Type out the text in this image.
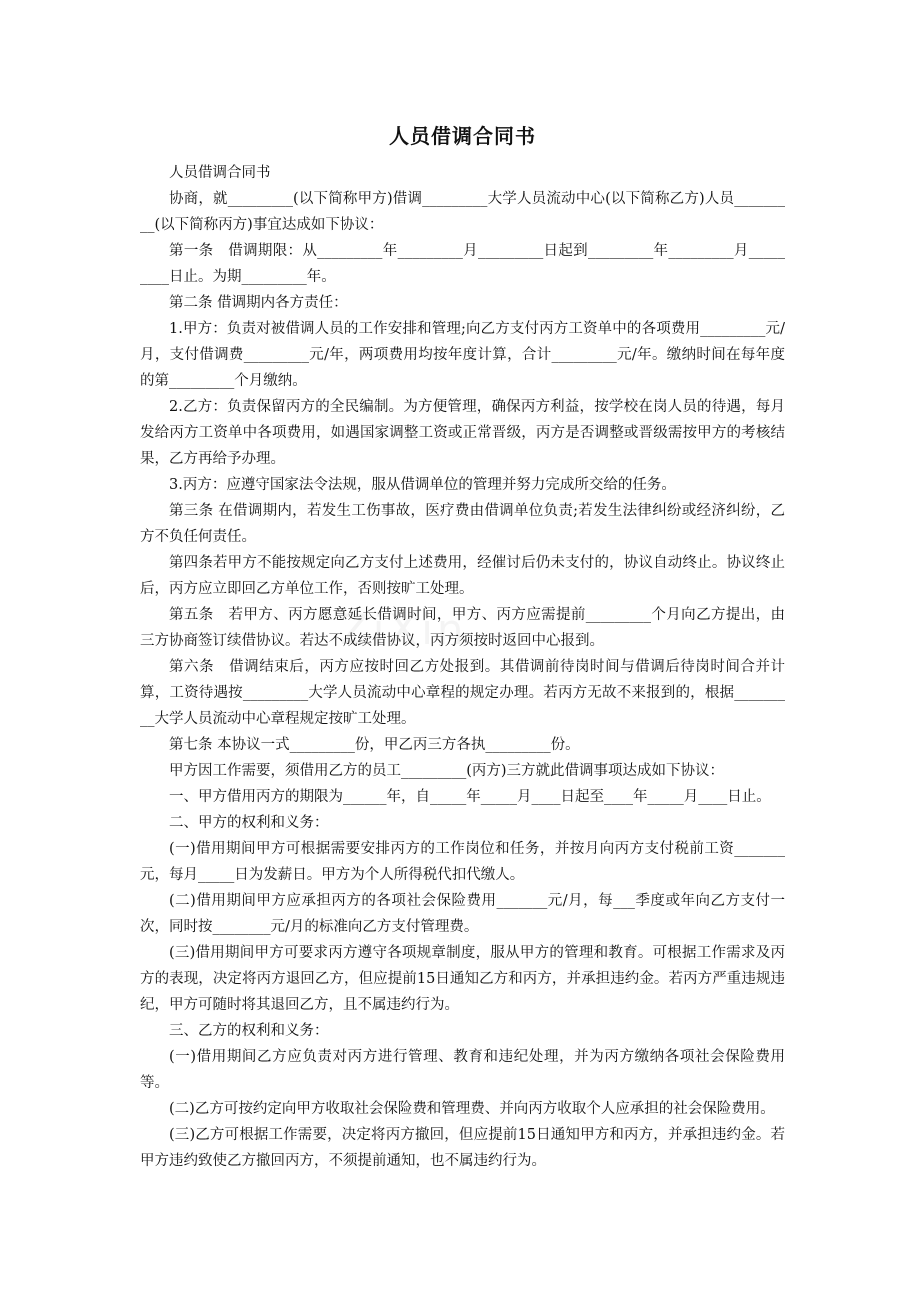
人员借调合同书

人员借调合同书

协商，就_________(以下简称甲方)借调_________大学人员流动中心(以下简称乙方)人员_________(以下简称丙方)事宜达成如下协议：

第一条　借调期限：从_________年_________月_________日起到_________年_________月_________日止。为期_________年。

第二条 借调期内各方责任：

1.甲方：负责对被借调人员的工作安排和管理;向乙方支付丙方工资单中的各项费用_________元/月，支付借调费_________元/年，两项费用均按年度计算，合计_________元/年。缴纳时间在每年度的第_________个月缴纳。

2.乙方：负责保留丙方的全民编制。为方便管理，确保丙方利益，按学校在岗人员的待遇，每月发给丙方工资单中各项费用，如遇国家调整工资或正常晋级，丙方是否调整或晋级需按甲方的考核结果，乙方再给予办理。

3.丙方：应遵守国家法令法规，服从借调单位的管理并努力完成所交给的任务。

第三条 在借调期内，若发生工伤事故，医疗费由借调单位负责;若发生法律纠纷或经济纠纷，乙方不负任何责任。

第四条若甲方不能按规定向乙方支付上述费用，经催讨后仍未支付的，协议自动终止。协议终止后，丙方应立即回乙方单位工作，否则按旷工处理。

第五条　若甲方、丙方愿意延长借调时间，甲方、丙方应需提前_________个月向乙方提出，由三方协商签订续借协议。若达不成续借协议，丙方须按时返回中心报到。

第六条　借调结束后，丙方应按时回乙方处报到。其借调前待岗时间与借调后待岗时间合并计算，工资待遇按_________大学人员流动中心章程的规定办理。若丙方无故不来报到的，根据_________大学人员流动中心章程规定按旷工处理。

第七条 本协议一式_________份，甲乙丙三方各执_________份。

甲方因工作需要，须借用乙方的员工_________(丙方)三方就此借调事项达成如下协议：

一、甲方借用丙方的期限为______年，自_____年_____月____日起至____年_____月____日止。

二、甲方的权利和义务：

(一)借用期间甲方可根据需要安排丙方的工作岗位和任务，并按月向丙方支付税前工资_______元，每月_____日为发薪日。甲方为个人所得税代扣代缴人。

(二)借用期间甲方应承担丙方的各项社会保险费用_______元/月，每___季度或年向乙方支付一次，同时按________元/月的标准向乙方支付管理费。

(三)借用期间甲方可要求丙方遵守各项规章制度，服从甲方的管理和教育。可根据工作需求及丙方的表现，决定将丙方退回乙方，但应提前15日通知乙方和丙方，并承担违约金。若丙方严重违规违纪，甲方可随时将其退回乙方，且不属违约行为。

三、乙方的权利和义务：

(一)借用期间乙方应负责对丙方进行管理、教育和违纪处理，并为丙方缴纳各项社会保险费用等。

(二)乙方可按约定向甲方收取社会保险费和管理费、并向丙方收取个人应承担的社会保险费用。

(三)乙方可根据工作需要，决定将丙方撤回，但应提前15日通知甲方和丙方，并承担违约金。若甲方违约致使乙方撤回丙方，不须提前通知，也不属违约行为。
